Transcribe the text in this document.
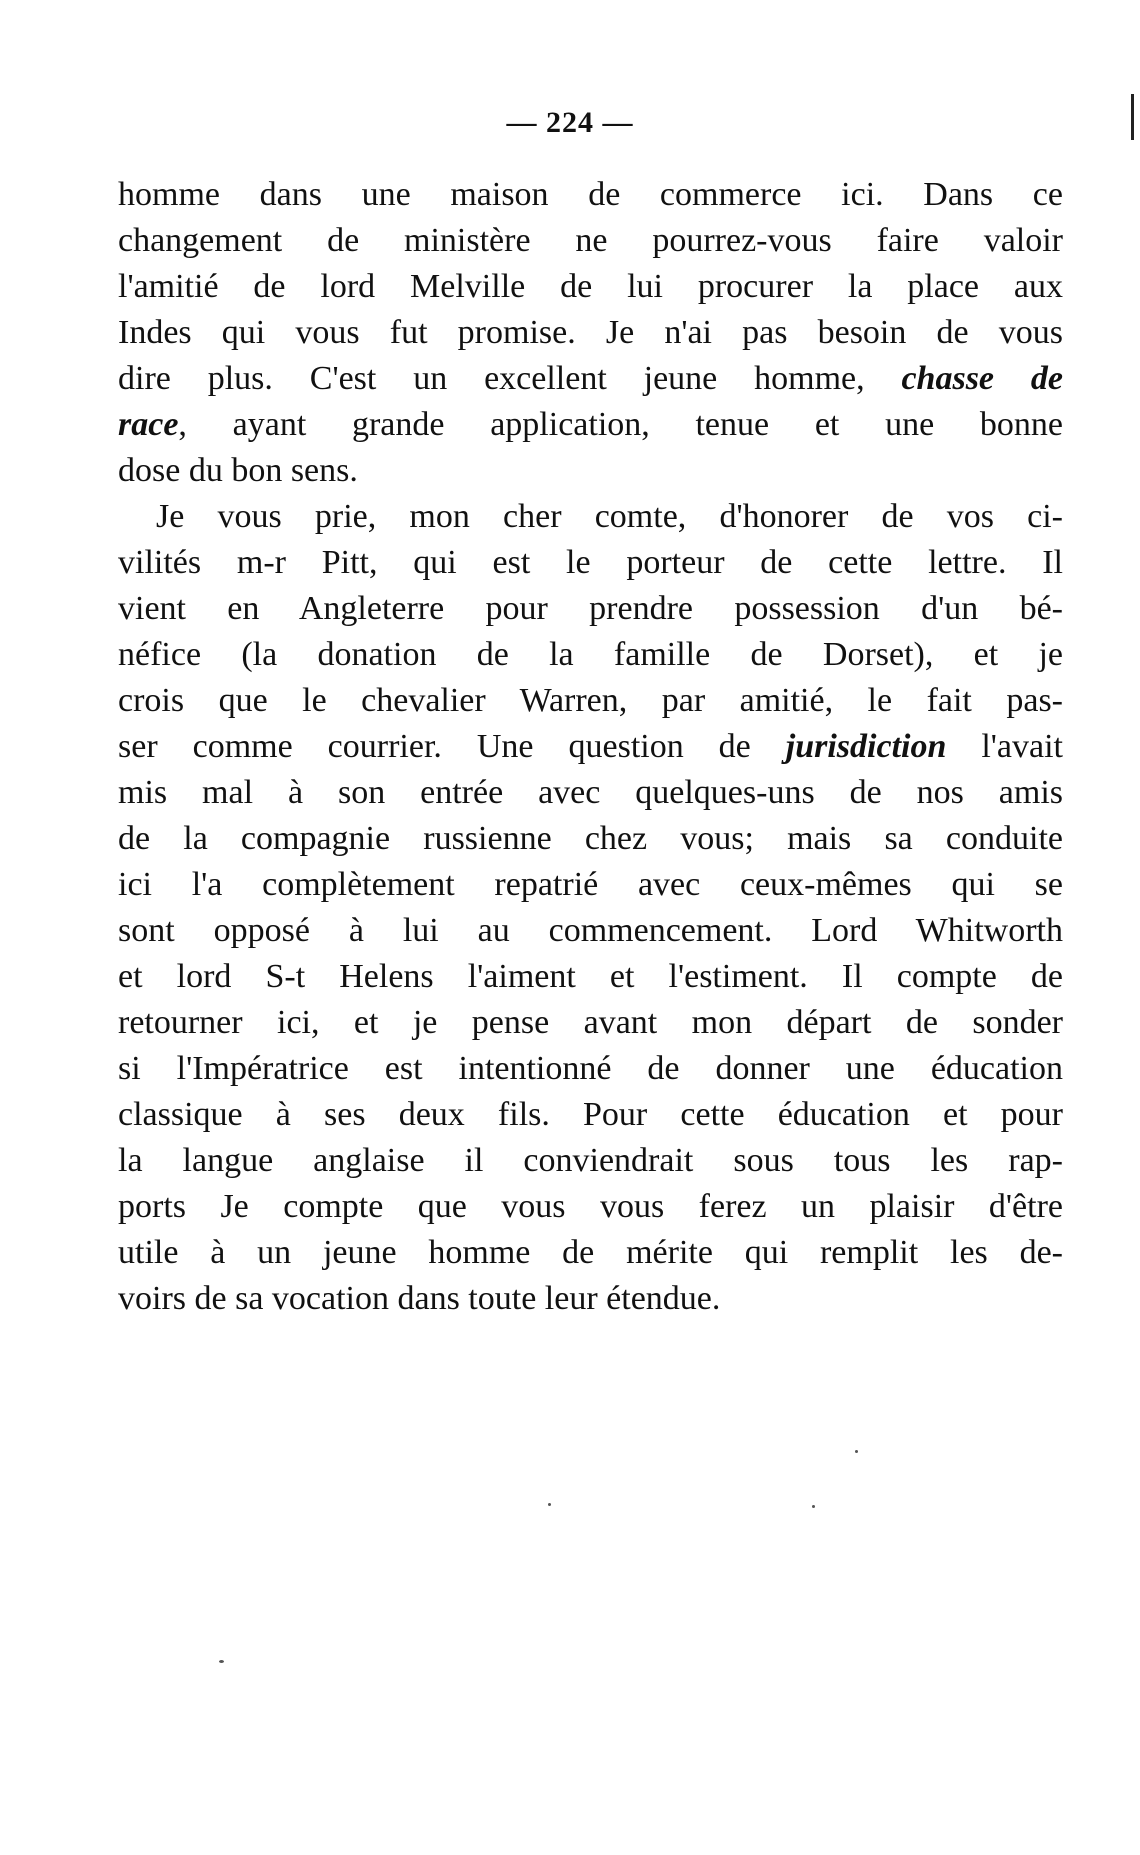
— 224 —
homme dans une maison de commerce ici. Dans ce
changement de ministère ne pourrez-vous faire valoir
l'amitié de lord Melville de lui procurer la place aux
Indes qui vous fut promise. Je n'ai pas besoin de vous
dire plus. C'est un excellent jeune homme, chasse de
race, ayant grande application, tenue et une bonne
dose du bon sens.
Je vous prie, mon cher comte, d'honorer de vos ci-
vilités m-r Pitt, qui est le porteur de cette lettre. Il
vient en Angleterre pour prendre possession d'un bé-
néfice (la donation de la famille de Dorset), et je
crois que le chevalier Warren, par amitié, le fait pas-
ser comme courrier. Une question de jurisdiction l'avait
mis mal à son entrée avec quelques-uns de nos amis
de la compagnie russienne chez vous; mais sa conduite
ici l'a complètement repatrié avec ceux-mêmes qui se
sont opposé à lui au commencement. Lord Whitworth
et lord S-t Helens l'aiment et l'estiment. Il compte de
retourner ici, et je pense avant mon départ de sonder
si l'Impératrice est intentionné de donner une éducation
classique à ses deux fils. Pour cette éducation et pour
la langue anglaise il conviendrait sous tous les rap-
ports Je compte que vous vous ferez un plaisir d'être
utile à un jeune homme de mérite qui remplit les de-
voirs de sa vocation dans toute leur étendue.
